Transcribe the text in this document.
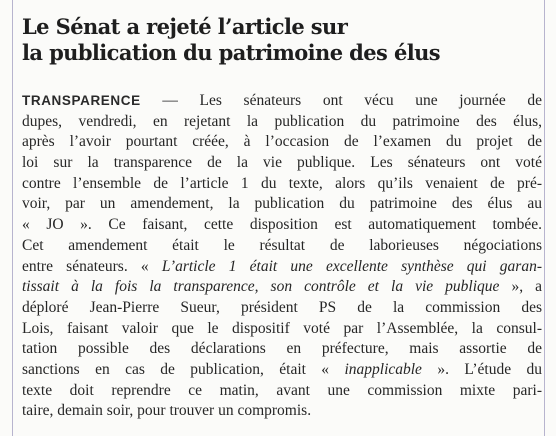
Le Sénat a rejeté l’article sur
la publication du patrimoine des élus
TRANSPARENCE — Les sénateurs ont vécu une journée de
dupes, vendredi, en rejetant la publication du patrimoine des élus,
après l’avoir pourtant créée, à l’occasion de l’examen du projet de
loi sur la transparence de la vie publique. Les sénateurs ont voté
contre l’ensemble de l’article 1 du texte, alors qu’ils venaient de pré-
voir, par un amendement, la publication du patrimoine des élus au
« JO ». Ce faisant, cette disposition est automatiquement tombée.
Cet amendement était le résultat de laborieuses négociations
entre sénateurs. « L’article 1 était une excellente synthèse qui garan-
tissait à la fois la transparence, son contrôle et la vie publique », a
déploré Jean-Pierre Sueur, président PS de la commission des
Lois, faisant valoir que le dispositif voté par l’Assemblée, la consul-
tation possible des déclarations en préfecture, mais assortie de
sanctions en cas de publication, était « inapplicable ». L’étude du
texte doit reprendre ce matin, avant une commission mixte pari-
taire, demain soir, pour trouver un compromis.
